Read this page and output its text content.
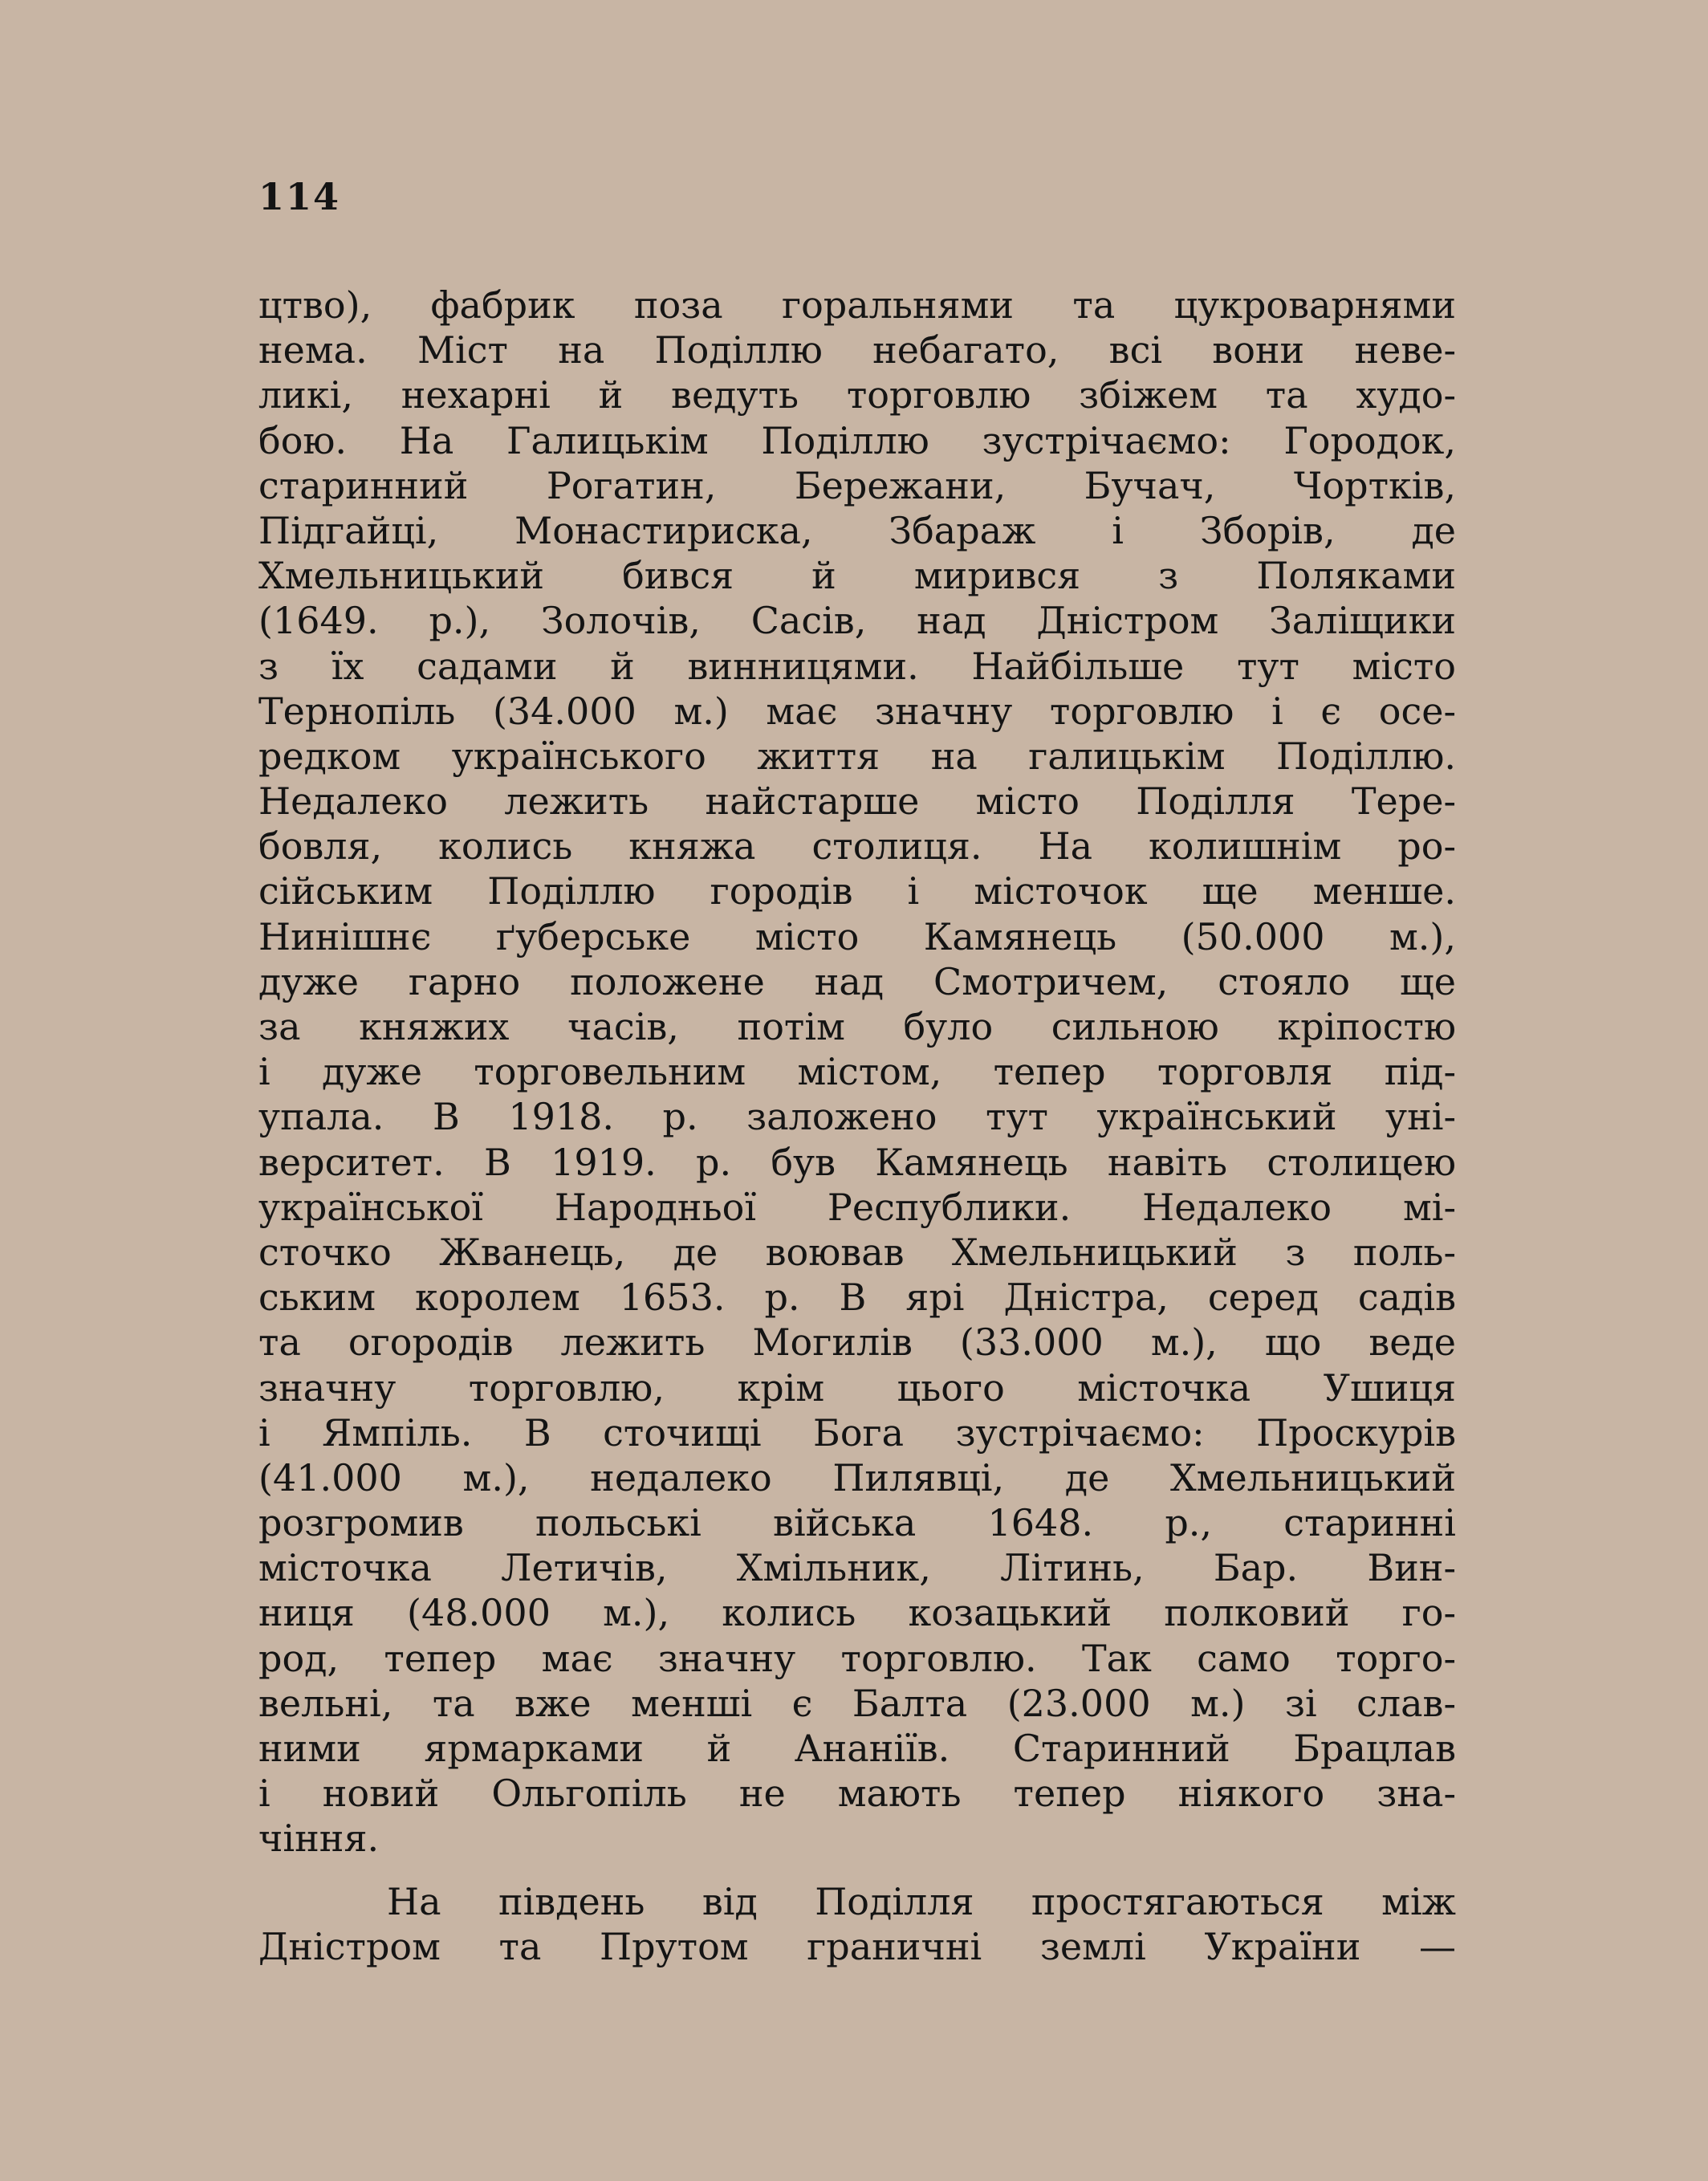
114
цтво), фабрик поза горальнями та цукроварнями
нема. Міст на Поділлю небагато, всі вони неве-
ликі, нехарні й ведуть торговлю збіжем та худо-
бою. На Галицькім Поділлю зустрічаємо: Городок,
старинний Рогатин, Бережани, Бучач, Чортків,
Підгайці, Монастириска, Збараж і Зборів, де
Хмельницький бився й мирився з Поляками
(1649. р.), Золочів, Сасів, над Дністром Заліщики
з їх садами й винницями. Найбільше тут місто
Тернопіль (34.000 м.) має значну торговлю і є осе-
редком українського життя на галицькім Поділлю.
Недалеко лежить найстарше місто Поділля Тере-
бовля, колись княжа столиця. На колишнім ро-
сійським Поділлю городів і місточок ще менше.
Нинішнє ґуберське місто Камянець (50.000 м.),
дуже гарно положене над Смотричем, стояло ще
за княжих часів, потім було сильною кріпостю
і дуже торговельним містом, тепер торговля під-
упала. В 1918. р. заложено тут український уні-
верситет. В 1919. р. був Камянець навіть столицею
української Народньої Республики. Недалеко мі-
сточко Жванець, де воював Хмельницький з поль-
ським королем 1653. р. В ярі Дністра, серед садів
та огородів лежить Могилів (33.000 м.), що веде
значну торговлю, крім цього місточка Ушиця
і Ямпіль. В сточищі Бога зустрічаємо: Проскурів
(41.000 м.), недалеко Пилявці, де Хмельницький
розгромив польські війська 1648. р., старинні
місточка Летичів, Хмільник, Літинь, Бар. Вин-
ниця (48.000 м.), колись козацький полковий го-
род, тепер має значну торговлю. Так само торго-
вельні, та вже менші є Балта (23.000 м.) зі слав-
ними ярмарками й Ананіїв. Старинний Брацлав
і новий Ольгопіль не мають тепер ніякого зна-
чіння.
На південь від Поділля простягаються між
Дністром та Прутом граничні землі України —
